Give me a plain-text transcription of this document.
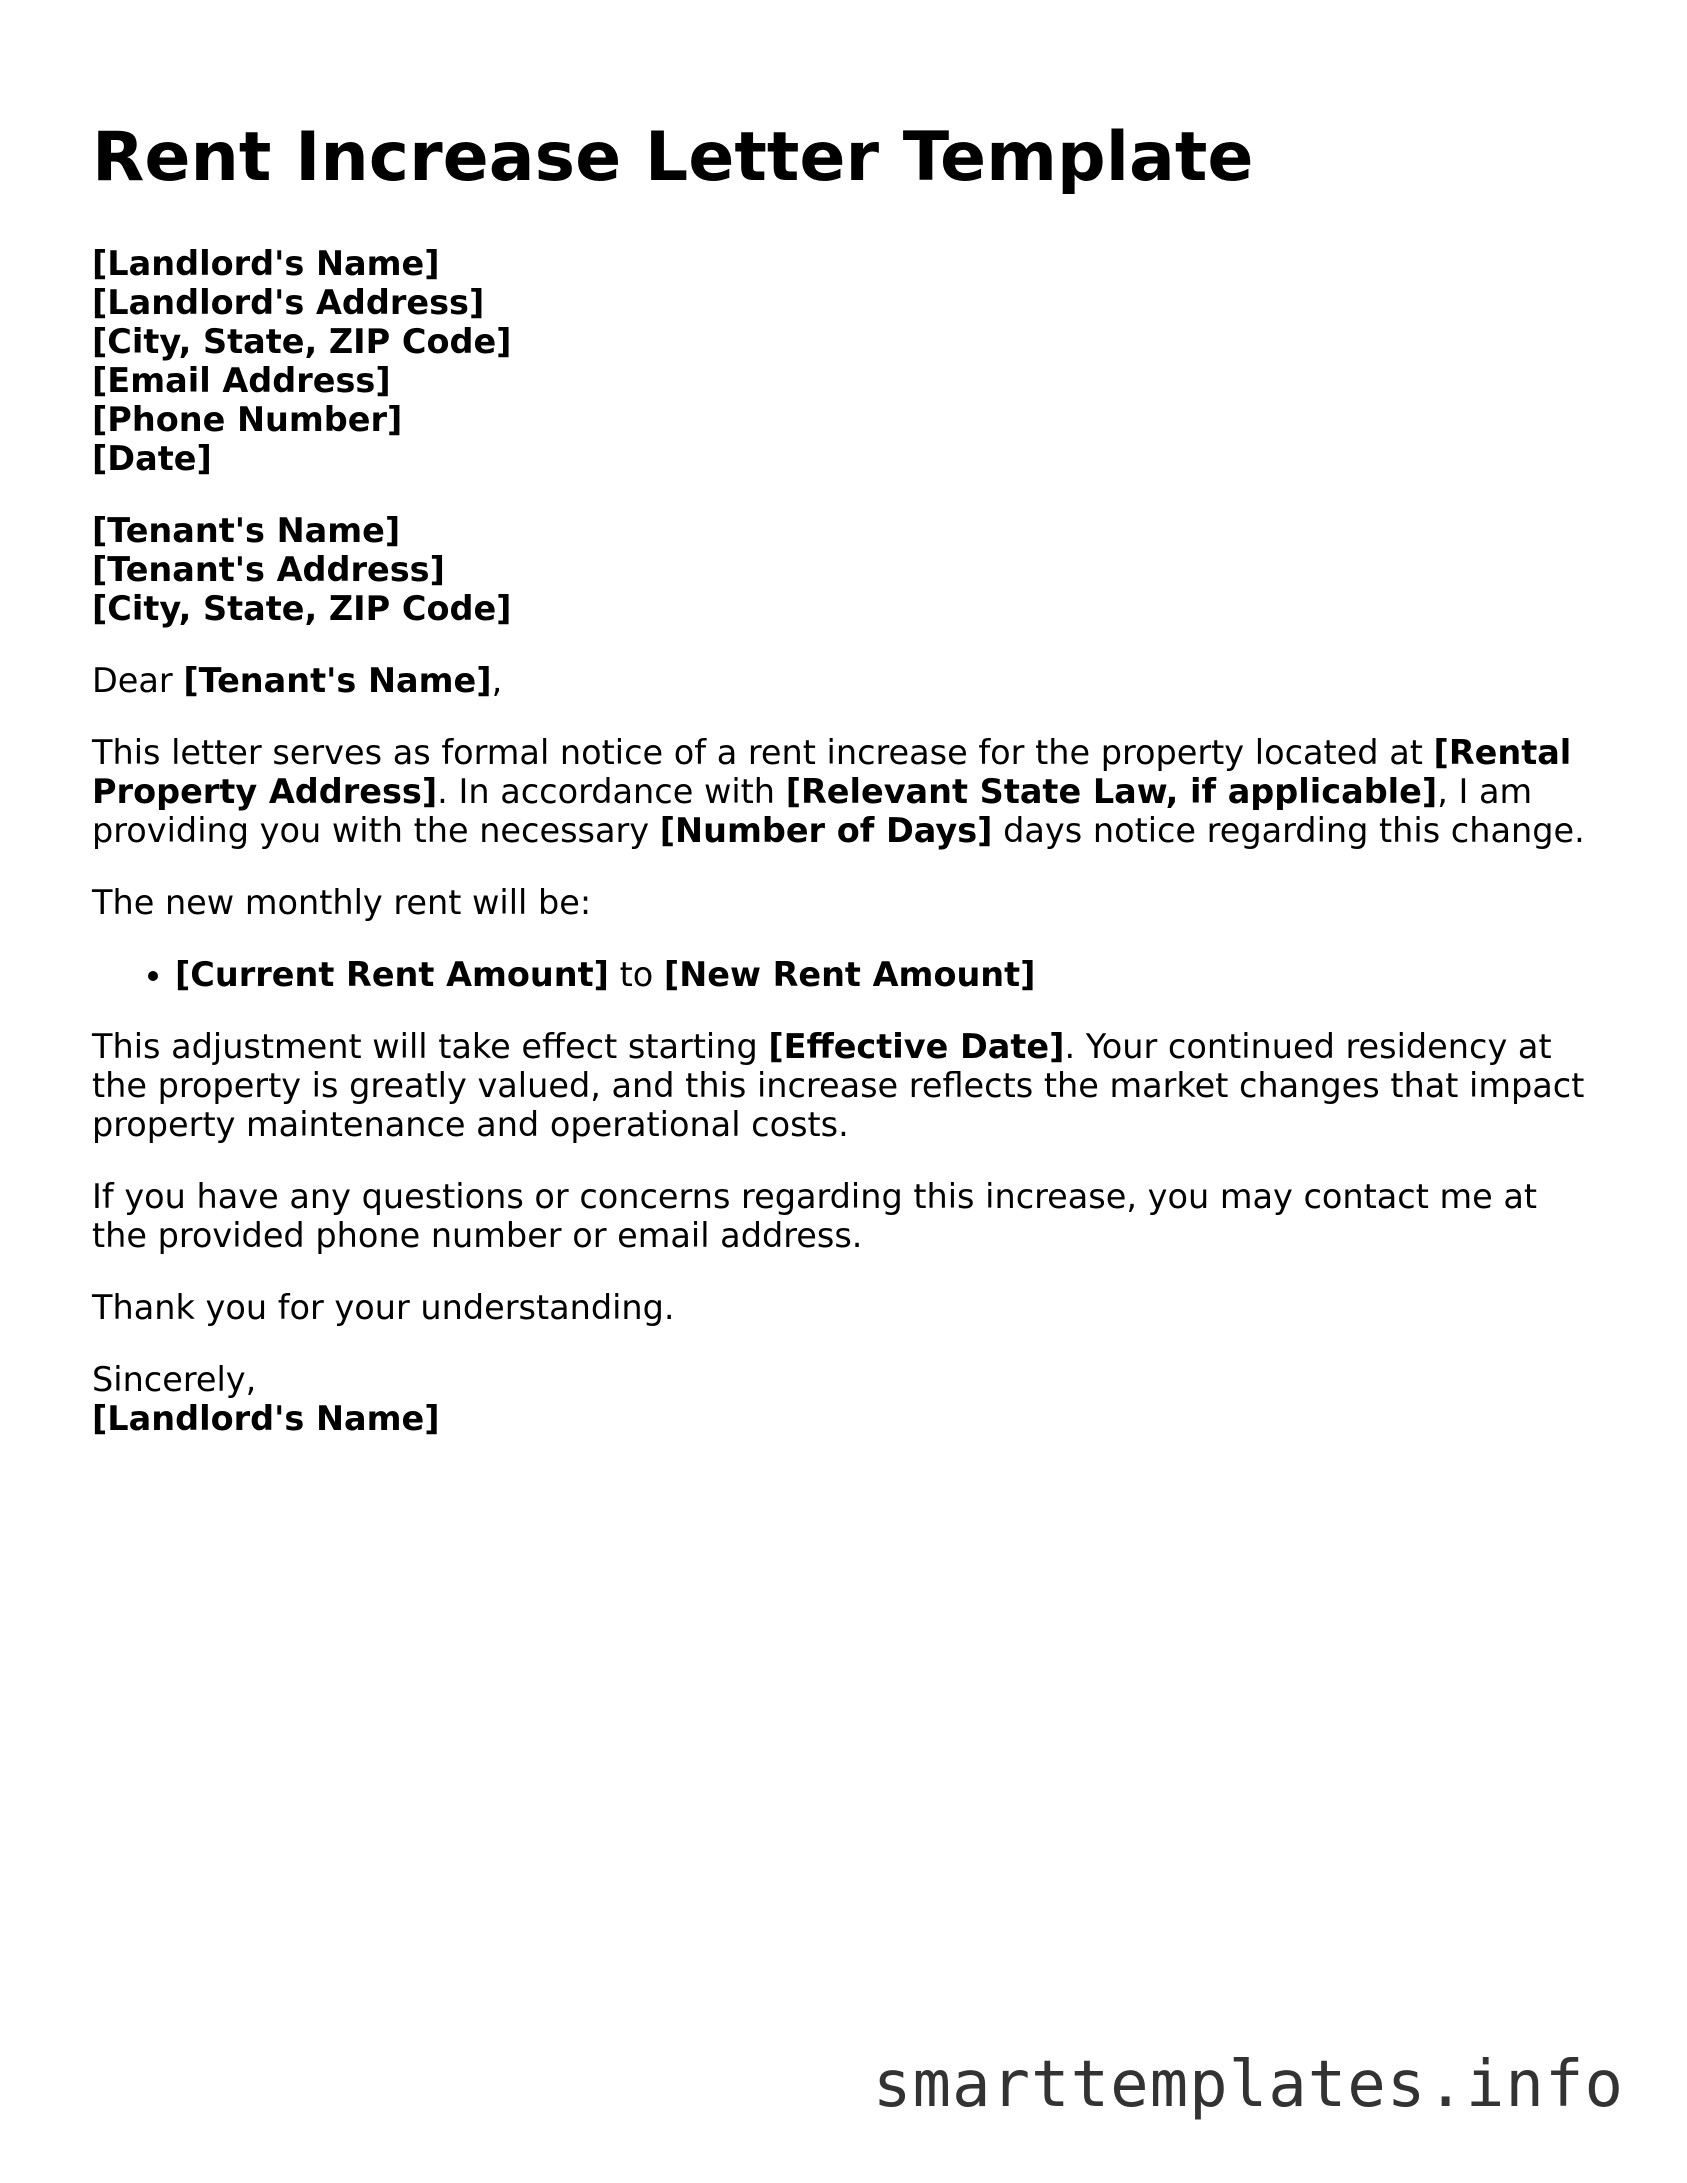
Rent Increase Letter Template
[Landlord's Name]
[Landlord's Address]
[City, State, ZIP Code]
[Email Address]
[Phone Number]
[Date]
[Tenant's Name]
[Tenant's Address]
[City, State, ZIP Code]
Dear [Tenant's Name],
This letter serves as formal notice of a rent increase for the property located at [Rental Property Address]. In accordance with [Relevant State Law, if applicable], I am providing you with the necessary [Number of Days] days notice regarding this change.
The new monthly rent will be:
• [Current Rent Amount] to [New Rent Amount]
This adjustment will take effect starting [Effective Date]. Your continued residency at the property is greatly valued, and this increase reflects the market changes that impact property maintenance and operational costs.
If you have any questions or concerns regarding this increase, you may contact me at the provided phone number or email address.
Thank you for your understanding.
Sincerely,
[Landlord's Name]
smarttemplates.info
